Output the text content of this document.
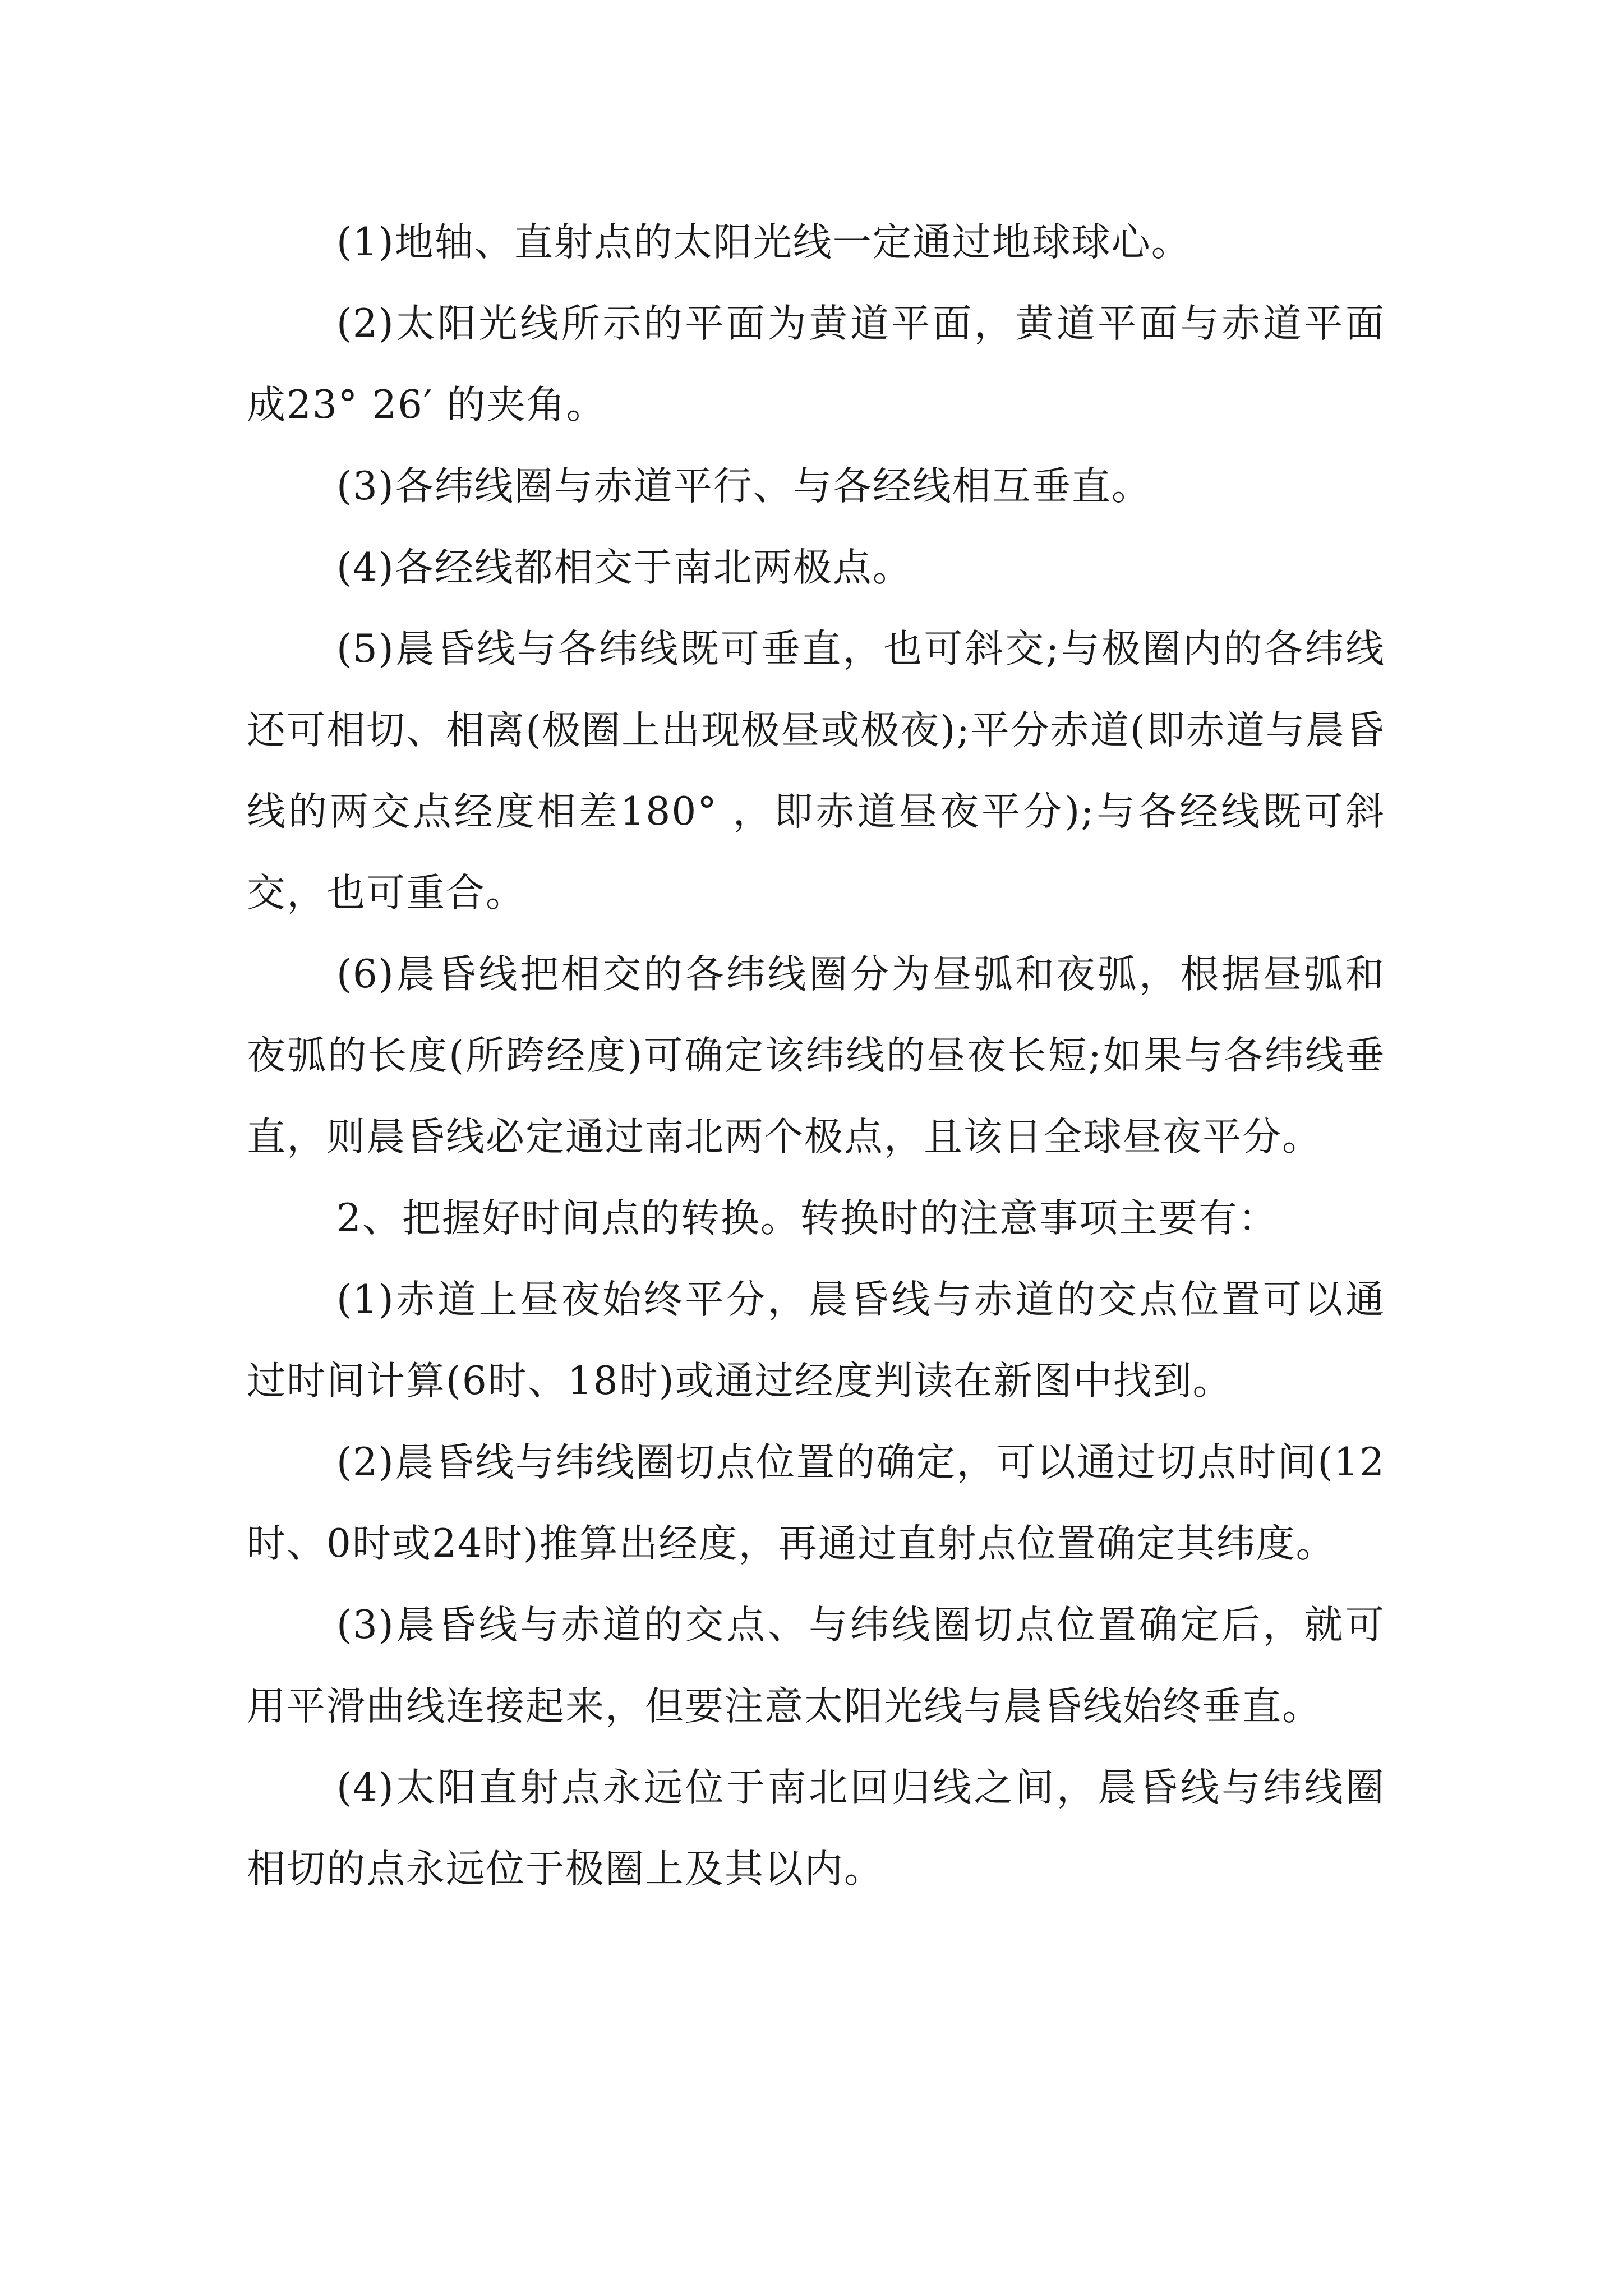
(1)地轴、直射点的太阳光线一定通过地球球心。

(2)太阳光线所示的平面为黄道平面，黄道平面与赤道平面成23° 26′ 的夹角。

(3)各纬线圈与赤道平行、与各经线相互垂直。

(4)各经线都相交于南北两极点。

(5)晨昏线与各纬线既可垂直，也可斜交;与极圈内的各纬线还可相切、相离(极圈上出现极昼或极夜);平分赤道(即赤道与晨昏线的两交点经度相差180° ，即赤道昼夜平分);与各经线既可斜交，也可重合。

(6)晨昏线把相交的各纬线圈分为昼弧和夜弧，根据昼弧和夜弧的长度(所跨经度)可确定该纬线的昼夜长短;如果与各纬线垂直，则晨昏线必定通过南北两个极点，且该日全球昼夜平分。

2、把握好时间点的转换。转换时的注意事项主要有：

(1)赤道上昼夜始终平分，晨昏线与赤道的交点位置可以通过时间计算(6时、18时)或通过经度判读在新图中找到。

(2)晨昏线与纬线圈切点位置的确定，可以通过切点时间(12时、0时或24时)推算出经度，再通过直射点位置确定其纬度。

(3)晨昏线与赤道的交点、与纬线圈切点位置确定后，就可用平滑曲线连接起来，但要注意太阳光线与晨昏线始终垂直。

(4)太阳直射点永远位于南北回归线之间，晨昏线与纬线圈相切的点永远位于极圈上及其以内。
